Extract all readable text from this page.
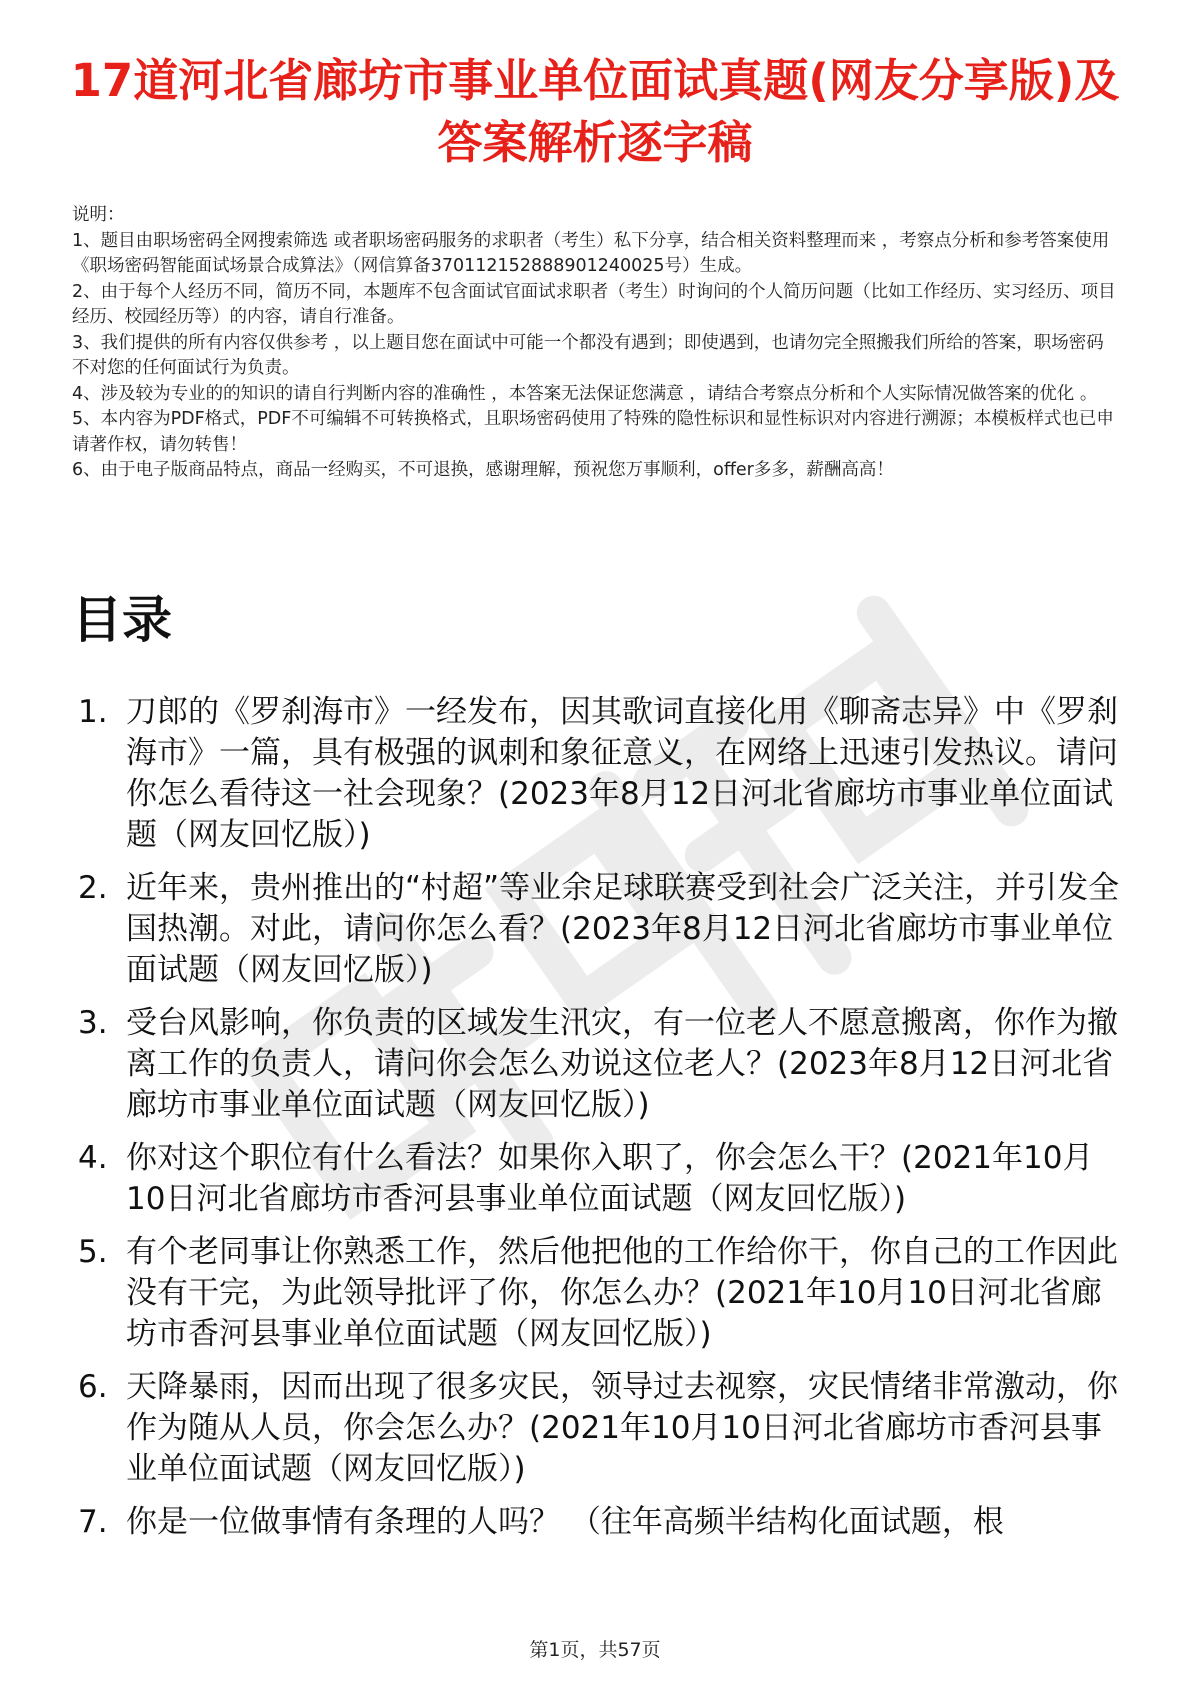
17道河北省廊坊市事业单位面试真题(网友分享版)及答案解析逐字稿
说明：

1、题目由职场密码全网搜索筛选 或者职场密码服务的求职者（考生）私下分享，结合相关资料整理而来 ，考察点分析和参考答案使用《职场密码智能面试场景合成算法》（网信算备370112152888901240025号）生成。

2、由于每个人经历不同，简历不同，本题库不包含面试官面试求职者（考生）时询问的个人简历问题（比如工作经历、实习经历、项目经历、校园经历等）的内容，请自行准备。

3、我们提供的所有内容仅供参考 ，以上题目您在面试中可能一个都没有遇到；即使遇到，也请勿完全照搬我们所给的答案，职场密码不对您的任何面试行为负责。

4、涉及较为专业的的知识的请自行判断内容的准确性 ，本答案无法保证您满意 ，请结合考察点分析和个人实际情况做答案的优化 。

5、本内容为PDF格式，PDF不可编辑不可转换格式，且职场密码使用了特殊的隐性标识和显性标识对内容进行溯源；本模板样式也已申请著作权，请勿转售！

6、由于电子版商品特点，商品一经购买，不可退换，感谢理解，预祝您万事顺利，offer多多，薪酬高高！

目录
1. 刀郎的《罗刹海市》一经发布，因其歌词直接化用《聊斋志异》中《罗刹海市》一篇，具有极强的讽刺和象征意义，在网络上迅速引发热议。请问你怎么看待这一社会现象？(2023年8月12日河北省廊坊市事业单位面试题（网友回忆版）)
2. 近年来，贵州推出的“村超”等业余足球联赛受到社会广泛关注，并引发全国热潮。对此，请问你怎么看？(2023年8月12日河北省廊坊市事业单位面试题（网友回忆版）)
3. 受台风影响，你负责的区域发生汛灾，有一位老人不愿意搬离，你作为撤离工作的负责人，请问你会怎么劝说这位老人？(2023年8月12日河北省廊坊市事业单位面试题（网友回忆版）)
4. 你对这个职位有什么看法？如果你入职了，你会怎么干？(2021年10月10日河北省廊坊市香河县事业单位面试题（网友回忆版）)
5. 有个老同事让你熟悉工作，然后他把他的工作给你干，你自己的工作因此没有干完，为此领导批评了你，你怎么办？(2021年10月10日河北省廊坊市香河县事业单位面试题（网友回忆版）)
6. 天降暴雨，因而出现了很多灾民，领导过去视察，灾民情绪非常激动，你作为随从人员，你会怎么办？(2021年10月10日河北省廊坊市香河县事业单位面试题（网友回忆版）)
7. 你是一位做事情有条理的人吗？ （往年高频半结构化面试题，根
第1页，共57页
